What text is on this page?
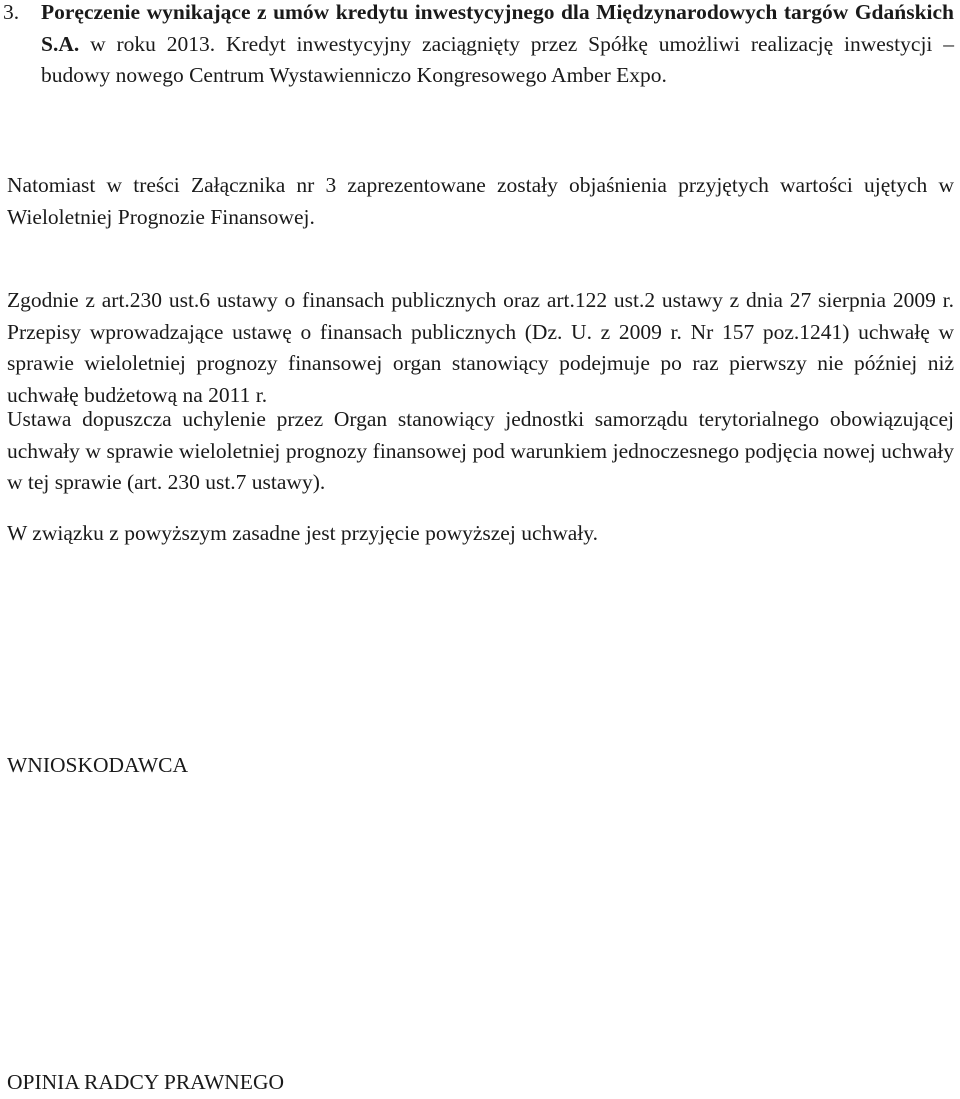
3. Poręczenie wynikające z umów kredytu inwestycyjnego dla Międzynarodowych targów Gdańskich S.A. w roku 2013. Kredyt inwestycyjny zaciągnięty przez Spółkę umożliwi realizację inwestycji – budowy nowego Centrum Wystawienniczo Kongresowego Amber Expo.

Natomiast w treści Załącznika nr 3 zaprezentowane zostały objaśnienia przyjętych wartości ujętych w Wieloletniej Prognozie Finansowej.

Zgodnie z art.230 ust.6 ustawy o finansach publicznych oraz art.122 ust.2 ustawy z dnia 27 sierpnia 2009 r. Przepisy wprowadzające ustawę o finansach publicznych (Dz. U. z 2009 r. Nr 157 poz.1241) uchwałę w sprawie wieloletniej prognozy finansowej organ stanowiący podejmuje po raz pierwszy nie później niż uchwałę budżetową na 2011 r.

Ustawa dopuszcza uchylenie przez Organ stanowiący jednostki samorządu terytorialnego obowiązującej uchwały w sprawie wieloletniej prognozy finansowej pod warunkiem jednoczesnego podjęcia nowej uchwały w tej sprawie (art. 230 ust.7 ustawy).

W związku z powyższym zasadne jest przyjęcie powyższej uchwały.

WNIOSKODAWCA

OPINIA RADCY PRAWNEGO
